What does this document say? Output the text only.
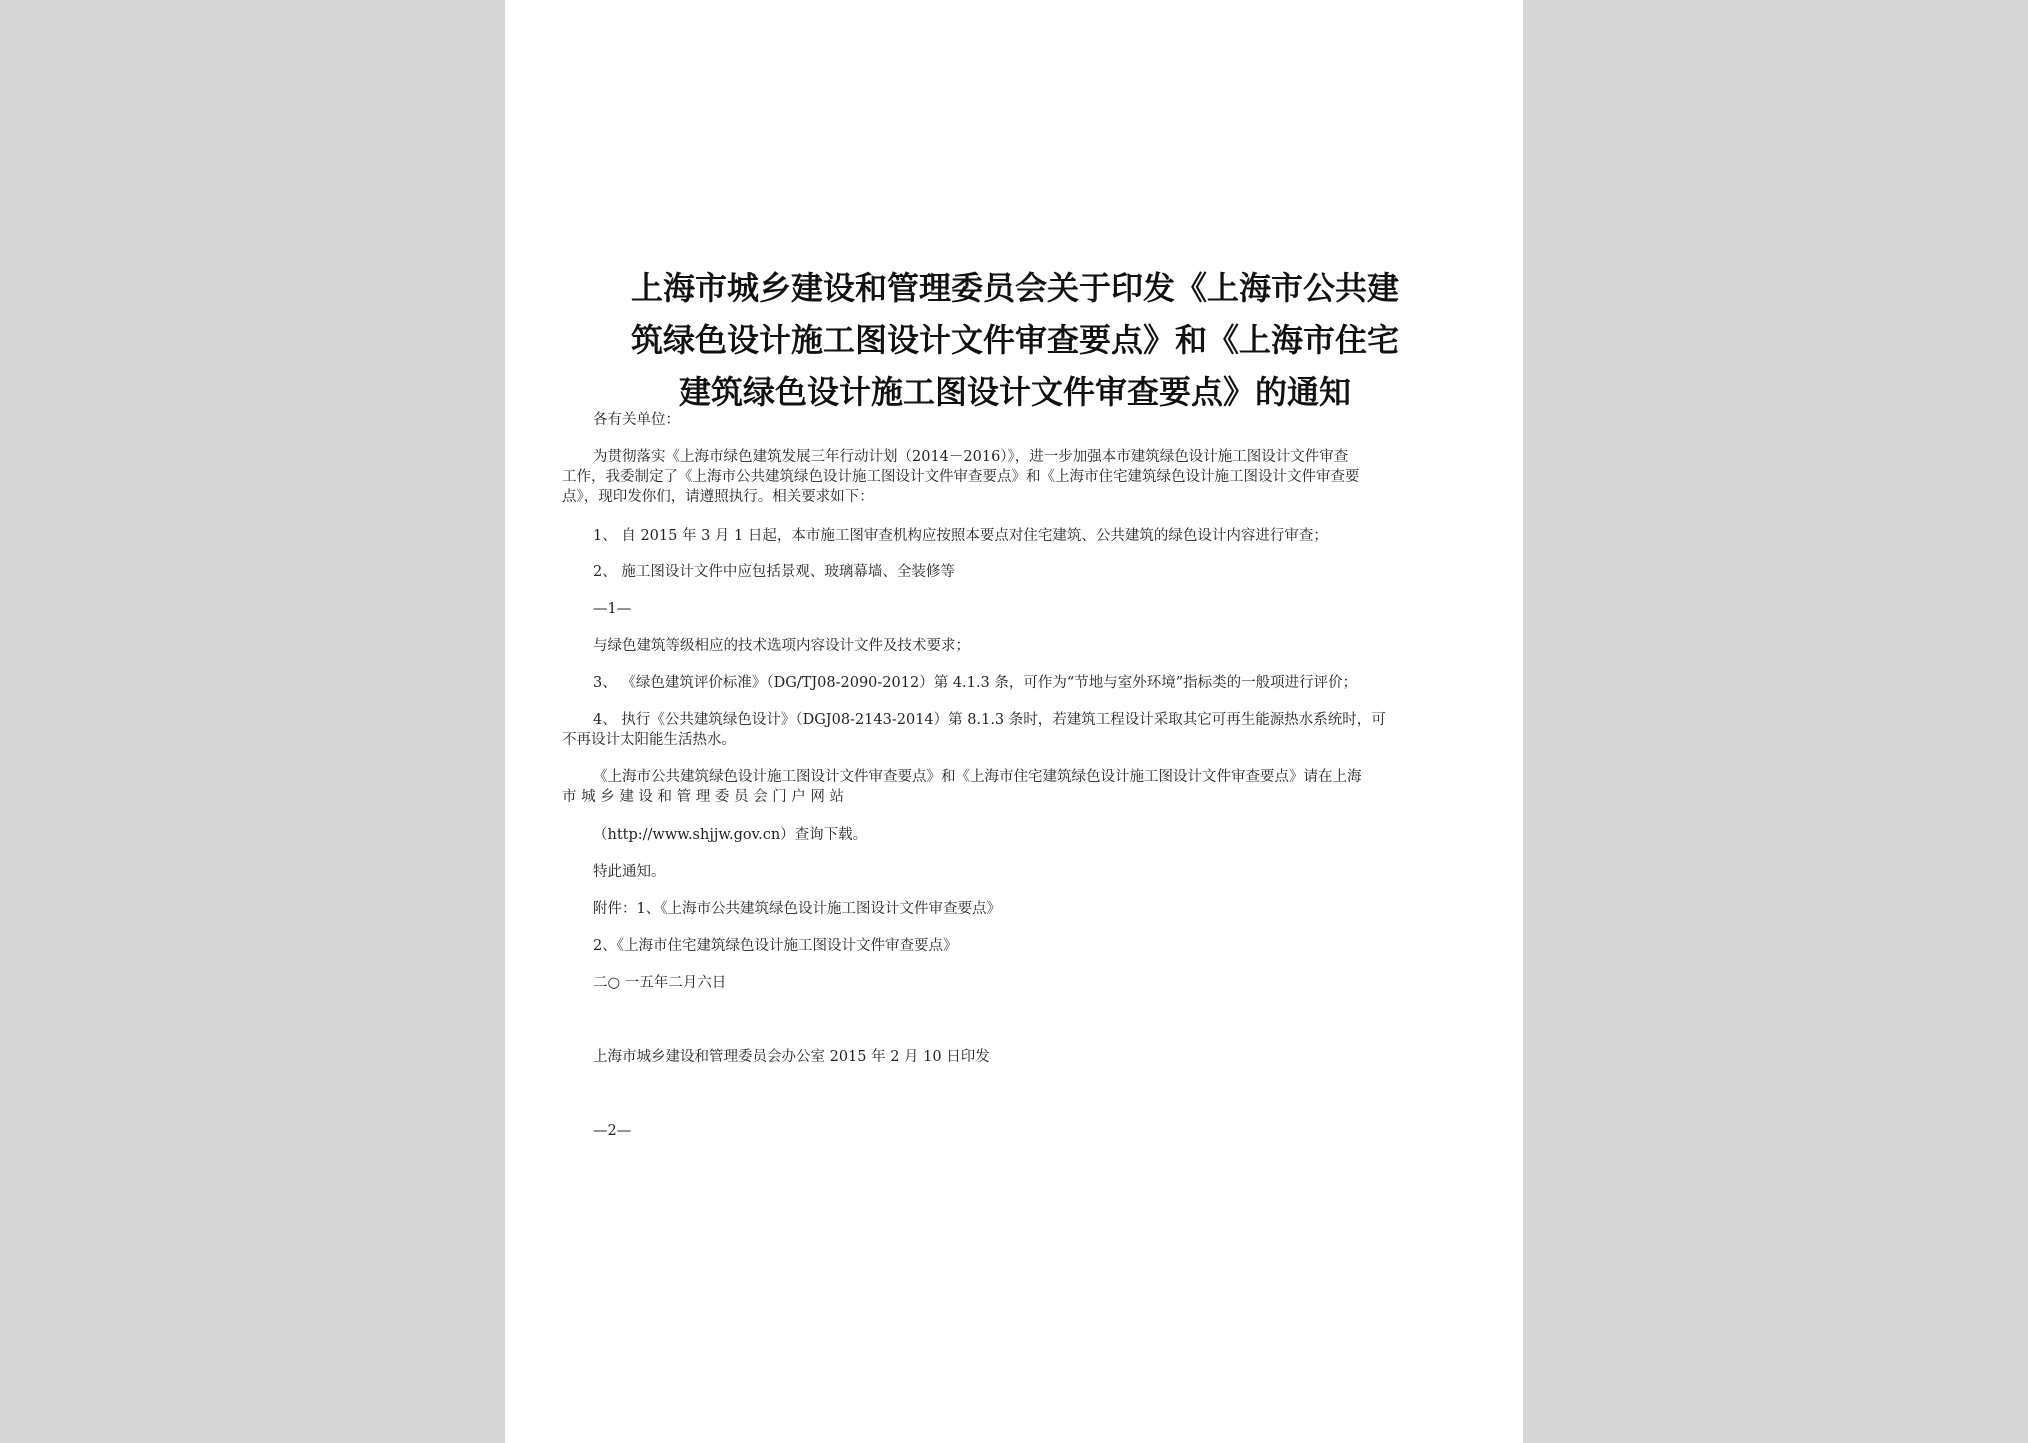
上海市城乡建设和管理委员会关于印发《上海市公共建
筑绿色设计施工图设计文件审查要点》和《上海市住宅
建筑绿色设计施工图设计文件审查要点》的通知
各有关单位：
为贯彻落实《上海市绿色建筑发展三年行动计划（2014－2016）》，进一步加强本市建筑绿色设计施工图设计文件审查
工作，我委制定了《上海市公共建筑绿色设计施工图设计文件审查要点》和《上海市住宅建筑绿色设计施工图设计文件审查要
点》，现印发你们，请遵照执行。相关要求如下：
1、 自 2015 年 3 月 1 日起，本市施工图审查机构应按照本要点对住宅建筑、公共建筑的绿色设计内容进行审查；
2、 施工图设计文件中应包括景观、玻璃幕墙、全装修等
—1—
与绿色建筑等级相应的技术选项内容设计文件及技术要求；
3、 《绿色建筑评价标准》（DG/TJ08-2090-2012）第 4.1.3 条，可作为“节地与室外环境”指标类的一般项进行评价；
4、 执行《公共建筑绿色设计》（DGJ08-2143-2014）第 8.1.3 条时，若建筑工程设计采取其它可再生能源热水系统时，可
不再设计太阳能生活热水。
《上海市公共建筑绿色设计施工图设计文件审查要点》和《上海市住宅建筑绿色设计施工图设计文件审查要点》请在上海
市 城 乡 建 设 和 管 理 委 员 会 门 户 网 站
（http://www.shjjw.gov.cn）查询下载。
特此通知。
附件：1、《上海市公共建筑绿色设计施工图设计文件审查要点》
2、《上海市住宅建筑绿色设计施工图设计文件审查要点》
二○ 一五年二月六日
上海市城乡建设和管理委员会办公室 2015 年 2 月 10 日印发
—2—
